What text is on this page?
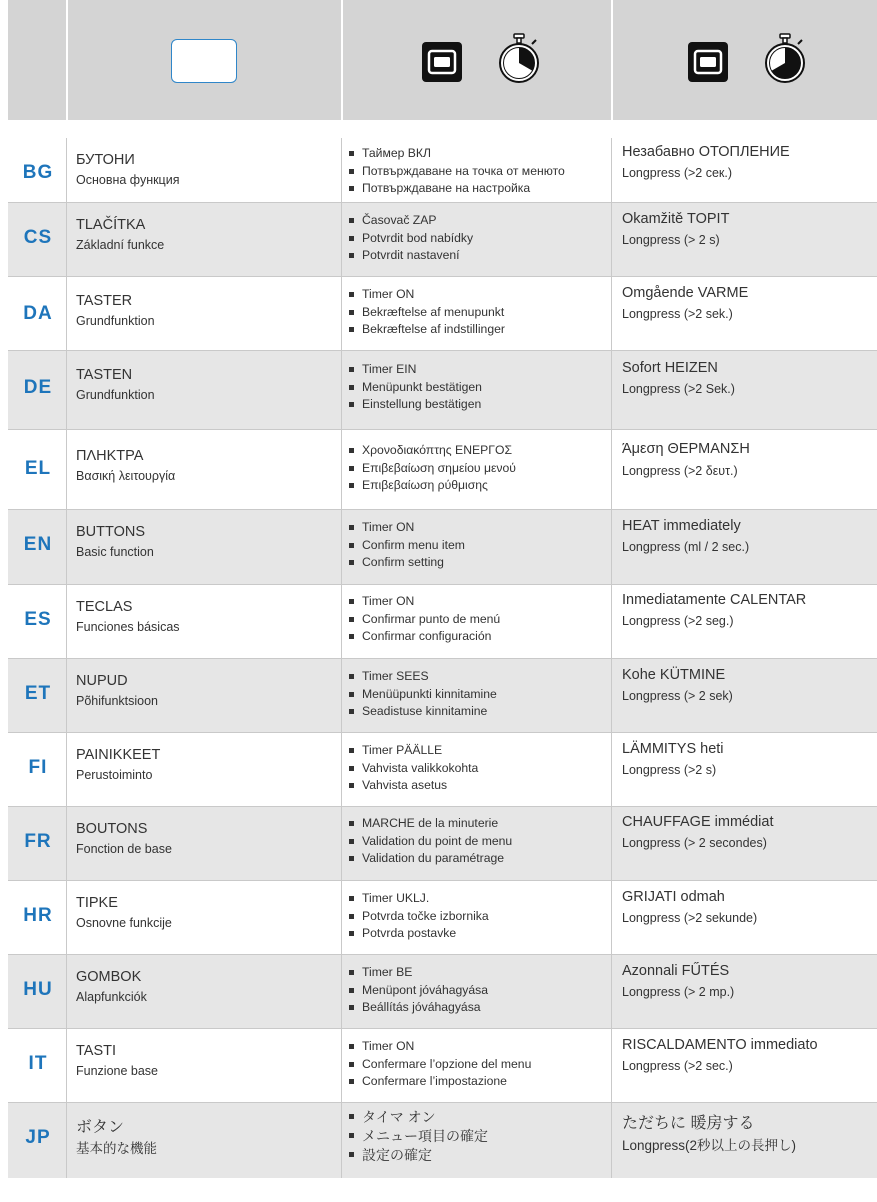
BG
БУТОНИ
Основна функция
Таймер ВКЛ
Потвърждаване на точка от менюто
Потвърждаване на настройка
Незабавно ОТОПЛЕНИЕ
Longpress (>2 сек.)
CS
TLAČÍTKA
Základní funkce
Časovač ZAP
Potvrdit bod nabídky
Potvrdit nastavení
Okamžitě TOPIT
Longpress (> 2 s)
DA
TASTER
Grundfunktion
Timer ON
Bekræftelse af menupunkt
Bekræftelse af indstillinger
Omgående VARME
Longpress (>2 sek.)
DE
TASTEN
Grundfunktion
Timer EIN
Menüpunkt bestätigen
Einstellung bestätigen
Sofort HEIZEN
Longpress (>2 Sek.)
EL
ΠΛΗΚΤΡΑ
Βασική λειτουργία
Χρονοδιακόπτης ΕΝΕΡΓΟΣ
Επιβεβαίωση σημείου μενού
Επιβεβαίωση ρύθμισης
Άμεση ΘΕΡΜΑΝΣΗ
Longpress (>2 δευτ.)
EN
BUTTONS
Basic function
Timer ON
Confirm menu item
Confirm setting
HEAT immediately
Longpress (ml / 2 sec.)
ES
TECLAS
Funciones básicas
Timer ON
Confirmar punto de menú
Confirmar configuración
Inmediatamente CALENTAR
Longpress (>2 seg.)
ET
NUPUD
Põhifunktsioon
Timer SEES
Menüüpunkti kinnitamine
Seadistuse kinnitamine
Kohe KÜTMINE
Longpress (> 2 sek)
FI
PAINIKKEET
Perustoiminto
Timer PÄÄLLE
Vahvista valikkokohta
Vahvista asetus
LÄMMITYS heti
Longpress (>2 s)
FR
BOUTONS
Fonction de base
MARCHE de la minuterie
Validation du point de menu
Validation du paramétrage
CHAUFFAGE immédiat
Longpress (> 2 secondes)
HR
TIPKE
Osnovne funkcije
Timer UKLJ.
Potvrda točke izbornika
Potvrda postavke
GRIJATI odmah
Longpress (>2 sekunde)
HU
GOMBOK
Alapfunkciók
Timer BE
Menüpont jóváhagyása
Beállítás jóváhagyása
Azonnali FŰTÉS
Longpress (> 2 mp.)
IT
TASTI
Funzione base
Timer ON
Confermare l’opzione del menu
Confermare l’impostazione
RISCALDAMENTO immediato
Longpress (>2 sec.)
JP	ボタン
基本的な機能
タイマ オン
メニュー項目の確定
設定の確定
ただちに 暖房する
Longpress(2秒以上の長押し)
